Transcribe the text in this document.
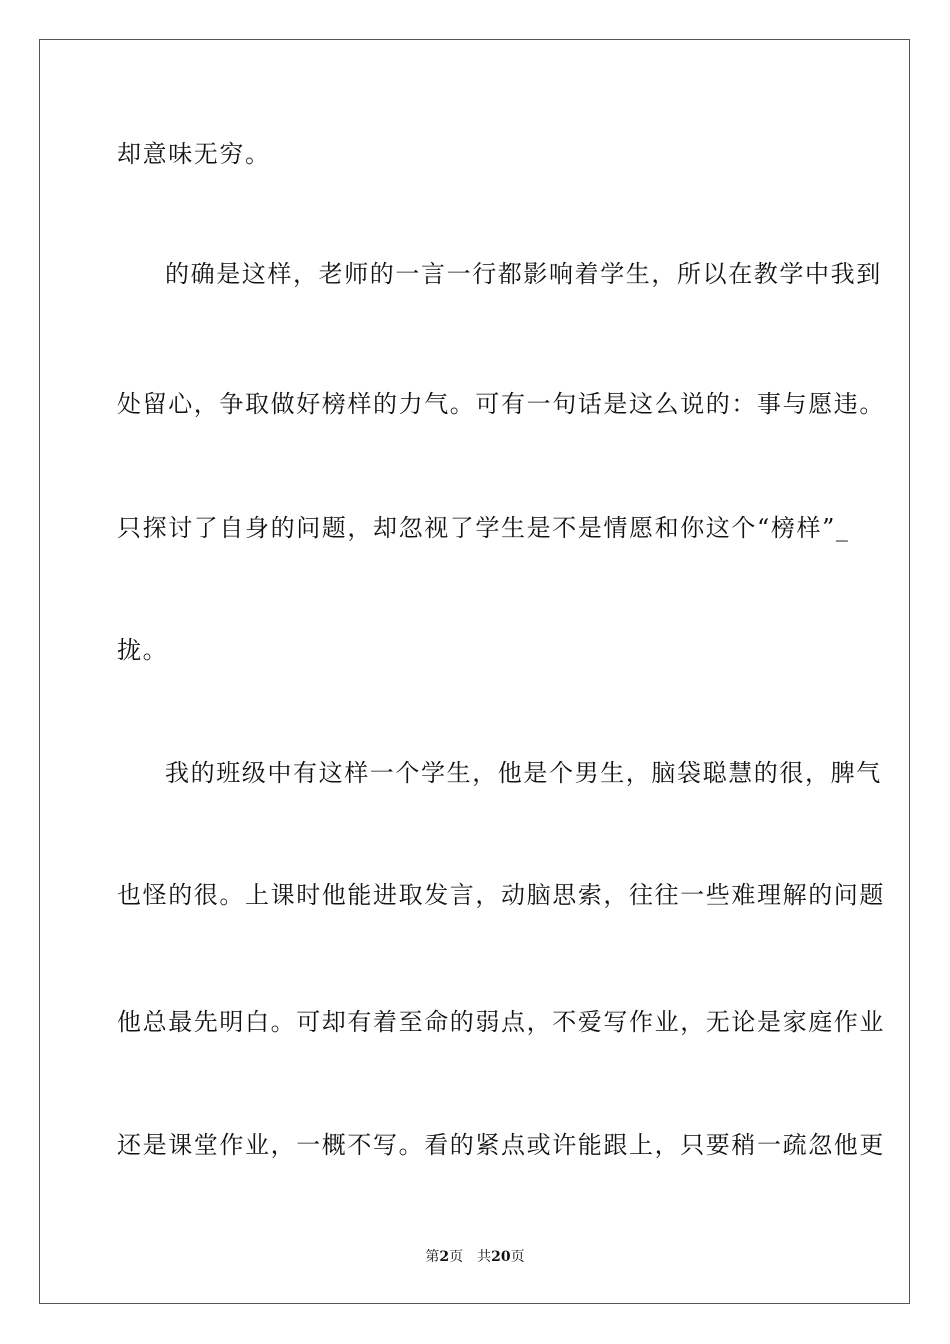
却意味无穷。
的确是这样，老师的一言一行都影响着学生，所以在教学中我到
处留心，争取做好榜样的力气。可有一句话是这么说的：事与愿违。
只探讨了自身的问题，却忽视了学生是不是情愿和你这个“榜样”_
拢。
我的班级中有这样一个学生，他是个男生，脑袋聪慧的很，脾气
也怪的很。上课时他能进取发言，动脑思索，往往一些难理解的问题
他总最先明白。可却有着至命的弱点，不爱写作业，无论是家庭作业
还是课堂作业，一概不写。看的紧点或许能跟上，只要稍一疏忽他更
第2页 共20页
